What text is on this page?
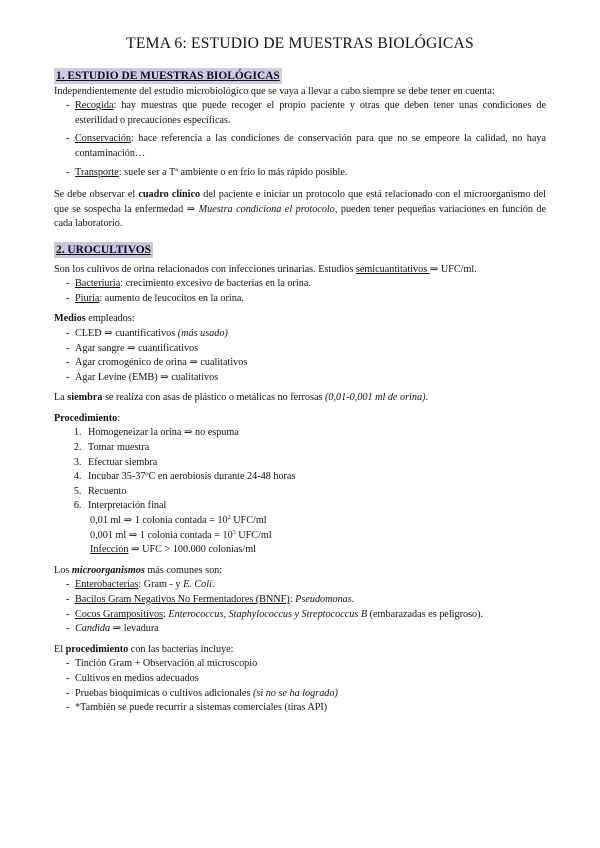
TEMA 6: ESTUDIO DE MUESTRAS BIOLÓGICAS
1. ESTUDIO DE MUESTRAS BIOLÓGICAS

Independientemente del estudio microbiológico que se vaya a llevar a cabo siempre se debe tener en cuenta:

- Recogida: hay muestras que puede recoger el propio paciente y otras que deben tener unas condiciones de esterilidad o precauciones específicas.
- Conservación: hace referencia a las condiciones de conservación para que no se empeore la calidad, no haya contaminación…
- Transporte: suele ser a Tª ambiente o en frío lo más rápido posible.

Se debe observar el cuadro clínico del paciente e iniciar un protocolo que está relacionado con el microorganismo del que se sospecha la enfermedad ⇒ Muestra condiciona el protocolo, pueden tener pequeñas variaciones en función de cada laboratorio.

2. UROCULTIVOS

Son los cultivos de orina relacionados con infecciones urinarias. Estudios semicuantitativos ⇒ UFC/ml.

- Bacteriuria: crecimiento excesivo de bacterias en la orina.
- Piuria: aumento de leucocitos en la orina.

Medios empleados:

- CLED ⇒ cuantificativos (más usado)
- Agar sangre ⇒ cuantificativos
- Agar cromogénico de orina ⇒ cualitativos
- Agar Levine (EMB) ⇒ cualitativos

La siembra se realiza con asas de plástico o metálicas no ferrosas (0,01-0,001 ml de orina).

Procedimiento:

1. Homogeneizar la orina ⇒ no espuma
2. Tomar muestra
3. Efectuar siembra
4. Incubar 35-37ºC en aerobiosis durante 24-48 horas
5. Recuento
6. Interpretación final
0,01 ml ⇒ 1 colonia contada = $10^2$ UFC/ml
0,001 ml ⇒ 1 colonia contada = $10^3$ UFC/ml
Infección ⇒ UFC > 100.000 colonias/ml

Los microorganismos más comunes son:

- Enterobacterias: Gram - y E. Coli.
- Bacilos Gram Negativos No Fermentadores (BNNF): Pseudomonas.
- Cocos Grampositivos: Enterococcus, Staphylococcus y Streptococcus B (embarazadas es peligroso).
- Candida ⇒ levadura

El procedimiento con las bacterias incluye:

- Tinción Gram + Observación al microscopio
- Cultivos en medios adecuados
- Pruebas bioquímicas o cultivos adicionales (si no se ha logrado)
- *También se puede recurrir a sistemas comerciales (tiras API)
